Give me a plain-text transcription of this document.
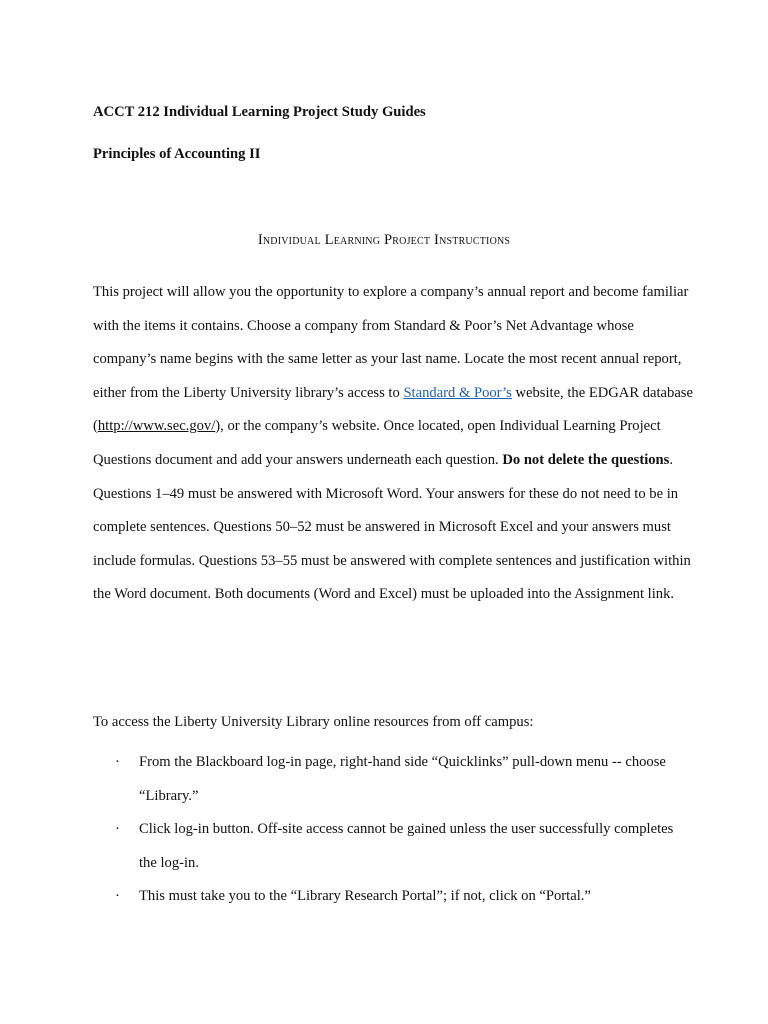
ACCT 212 Individual Learning Project Study Guides
Principles of Accounting II
Individual Learning Project Instructions
This project will allow you the opportunity to explore a company’s annual report and become familiar with the items it contains. Choose a company from Standard & Poor’s Net Advantage whose company’s name begins with the same letter as your last name. Locate the most recent annual report, either from the Liberty University library’s access to Standard & Poor’s website, the EDGAR database (http://www.sec.gov/), or the company’s website. Once located, open Individual Learning Project Questions document and add your answers underneath each question. Do not delete the questions. Questions 1–49 must be answered with Microsoft Word. Your answers for these do not need to be in complete sentences. Questions 50–52 must be answered in Microsoft Excel and your answers must include formulas. Questions 53–55 must be answered with complete sentences and justification within the Word document. Both documents (Word and Excel) must be uploaded into the Assignment link.
To access the Liberty University Library online resources from off campus:
· From the Blackboard log-in page, right-hand side “Quicklinks” pull-down menu -- choose “Library.”
· Click log-in button. Off-site access cannot be gained unless the user successfully completes the log-in.
· This must take you to the “Library Research Portal”; if not, click on “Portal.”
